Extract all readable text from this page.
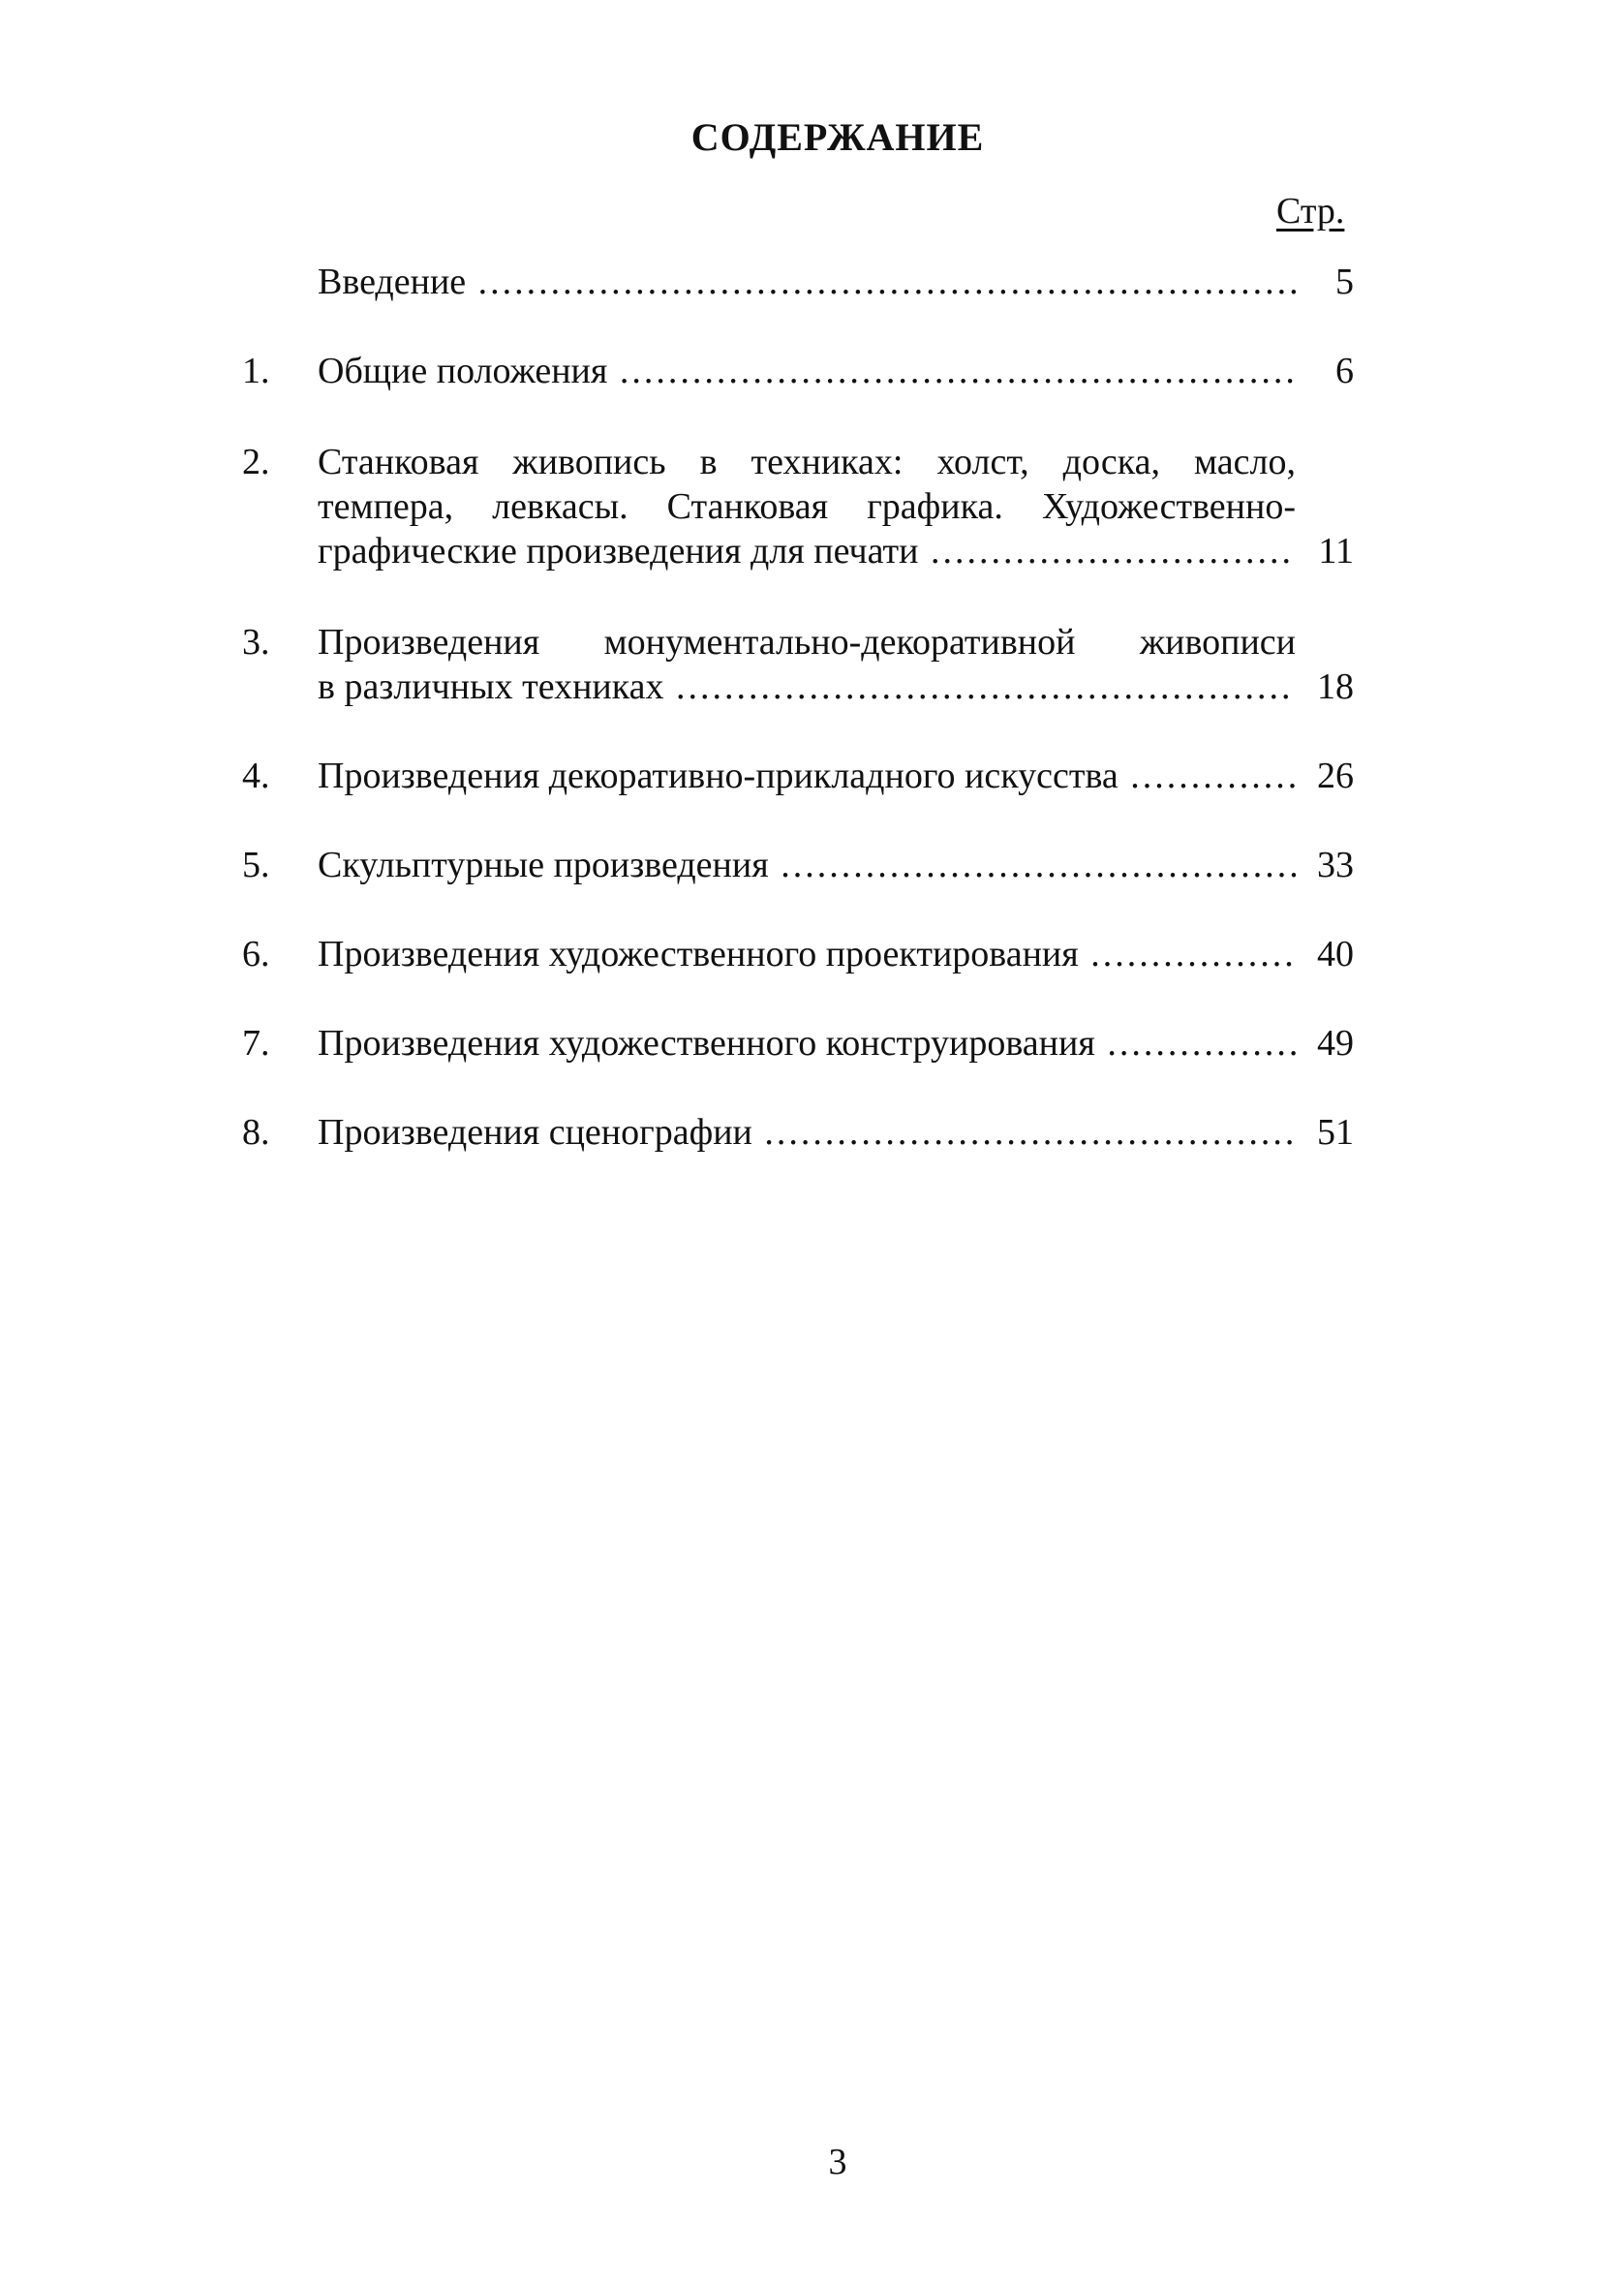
СОДЕРЖАНИЕ
Стр.
Введение .....	5
1.	Общие положения .....	6
2.	Станковая живопись в техниках: холст, доска, масло,
темпера, левкасы. Станковая графика. Художественно-
графические произведения для печати .....	11
3.	Произведения монументально-декоративной живописи
в различных техниках .....	18
4.	Произведения декоративно-прикладного искусства .....	26
5.	Скульптурные произведения .....	33
6.	Произведения художественного проектирования .....	40
7.	Произведения художественного конструирования .....	49
8.	Произведения сценографии .....	51
3
